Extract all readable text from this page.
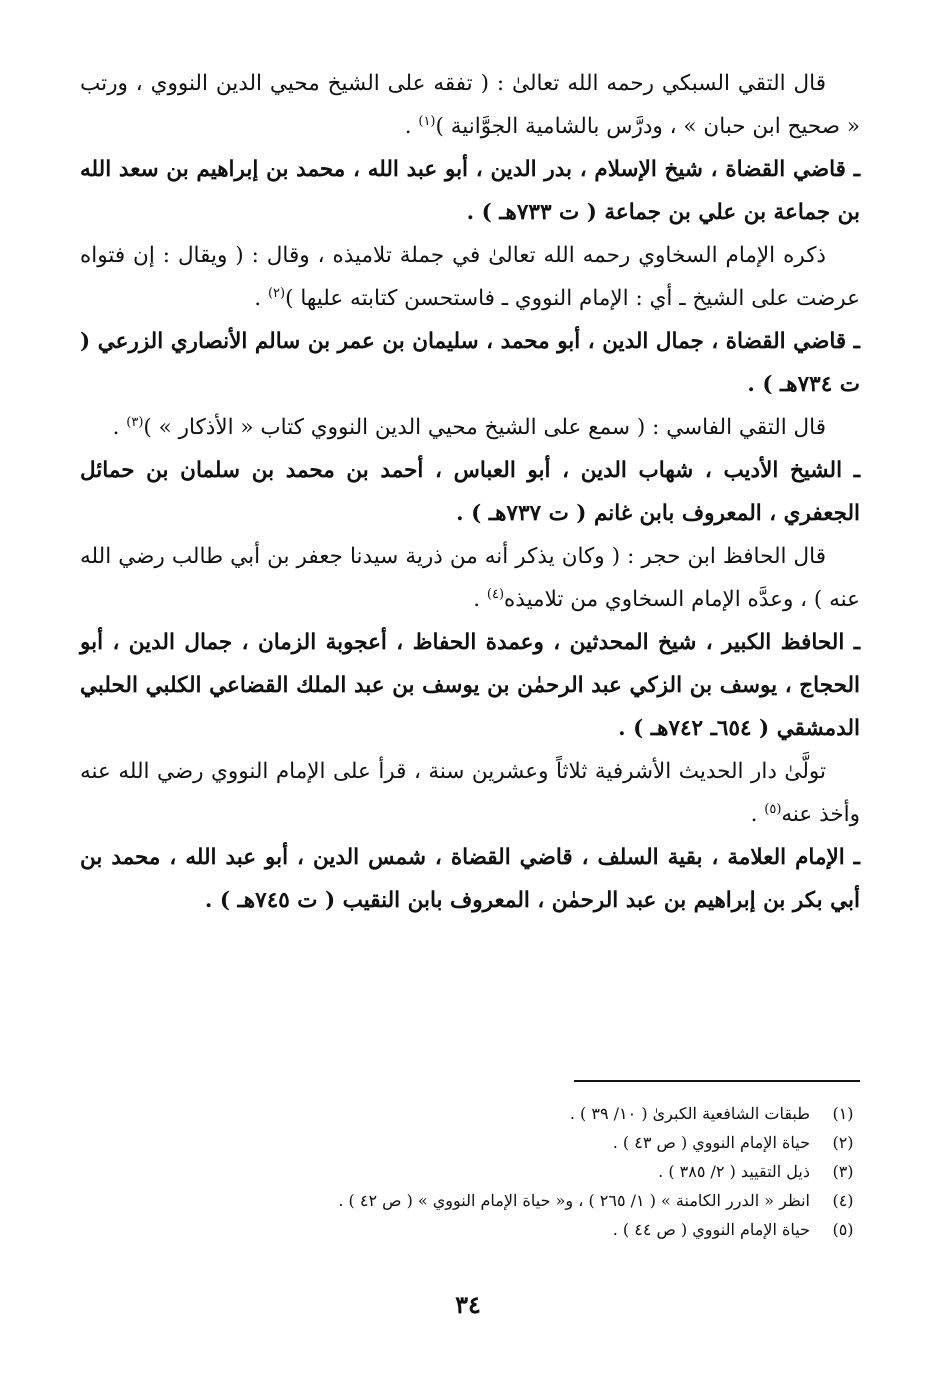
قال التقي السبكي رحمه الله تعالىٰ : ( تفقه على الشيخ محيي الدين النووي ، ورتب « صحيح ابن حبان » ، ودرَّس بالشامية الجوَّانية )$^{(١)}$ .

ـ قاضي القضاة ، شيخ الإسلام ، بدر الدين ، أبو عبد الله ، محمد بن إبراهيم بن سعد الله بن جماعة بن علي بن جماعة ( ت ٧٣٣هـ ) .

ذكره الإمام السخاوي رحمه الله تعالىٰ في جملة تلاميذه ، وقال : ( ويقال : إن فتواه عرضت على الشيخ ـ أي : الإمام النووي ـ فاستحسن كتابته عليها )$^{(٢)}$ .

ـ قاضي القضاة ، جمال الدين ، أبو محمد ، سليمان بن عمر بن سالم الأنصاري الزرعي ( ت ٧٣٤هـ ) .

قال التقي الفاسي : ( سمع على الشيخ محيي الدين النووي كتاب « الأذكار » )$^{(٣)}$ .

ـ الشيخ الأديب ، شهاب الدين ، أبو العباس ، أحمد بن محمد بن سلمان بن حمائل الجعفري ، المعروف بابن غانم ( ت ٧٣٧هـ ) .

قال الحافظ ابن حجر : ( وكان يذكر أنه من ذرية سيدنا جعفر بن أبي طالب رضي الله عنه ) ، وعدَّه الإمام السخاوي من تلاميذه$^{(٤)}$ .

ـ الحافظ الكبير ، شيخ المحدثين ، وعمدة الحفاظ ، أعجوبة الزمان ، جمال الدين ، أبو الحجاج ، يوسف بن الزكي عبد الرحمٰن بن يوسف بن عبد الملك القضاعي الكلبي الحلبي الدمشقي ( ٦٥٤ـ ٧٤٢هـ ) .

تولَّىٰ دار الحديث الأشرفية ثلاثاً وعشرين سنة ، قرأ على الإمام النووي رضي الله عنه وأخذ عنه$^{(٥)}$ .

ـ الإمام العلامة ، بقية السلف ، قاضي القضاة ، شمس الدين ، أبو عبد الله ، محمد بن أبي بكر بن إبراهيم بن عبد الرحمٰن ، المعروف بابن النقيب ( ت ٧٤٥هـ ) .

(١)
طبقات الشافعية الكبرىٰ ( ١٠/ ٣٩ ) .
(٢)
حياة الإمام النووي ( ص ٤٣ ) .
(٣)
ذيل التقييد ( ٢/ ٣٨٥ ) .
(٤)
انظر « الدرر الكامنة » ( ١/ ٢٦٥ ) ، و« حياة الإمام النووي » ( ص ٤٢ ) .
(٥)
حياة الإمام النووي ( ص ٤٤ ) .
٣٤
